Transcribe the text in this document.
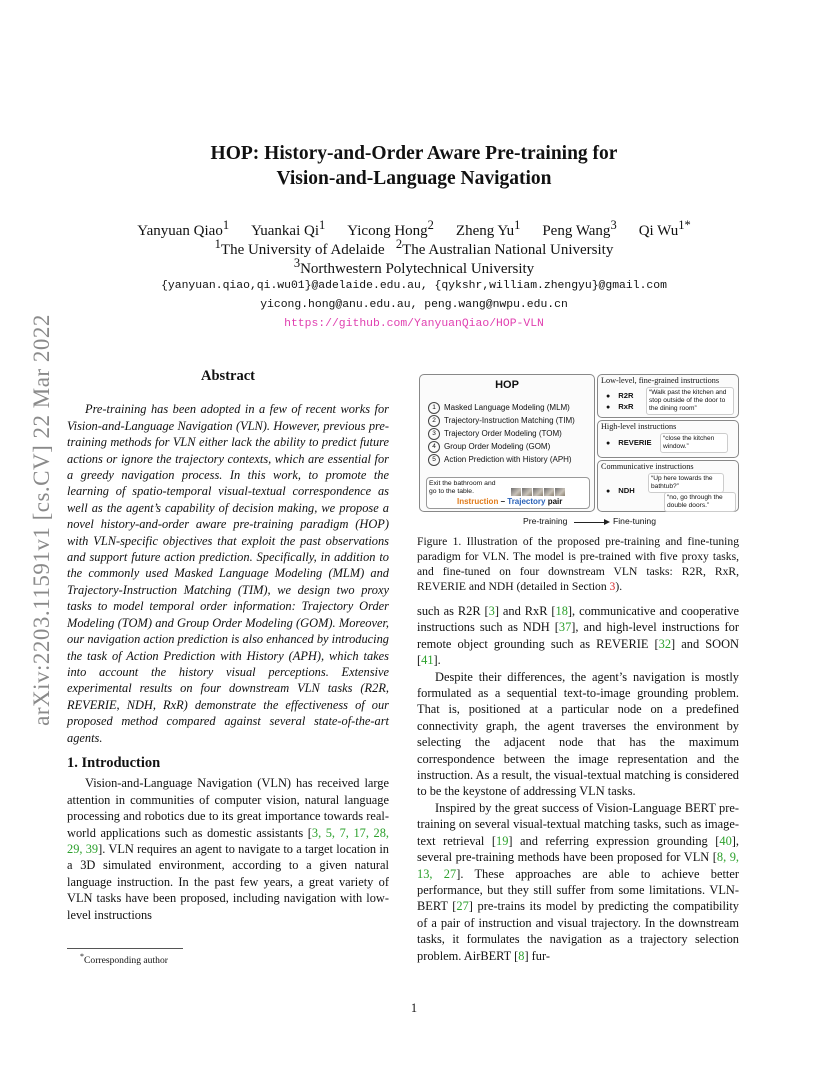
arXiv:2203.11591v1 [cs.CV] 22 Mar 2022
HOP: History-and-Order Aware Pre-training for
Vision-and-Language Navigation
Yanyuan Qiao$^1$ Yuankai Qi$^1$ Yicong Hong$^2$ Zheng Yu$^1$ Peng Wang$^3$ Qi $Wu^{1*}$
$^1$The University of Adelaide $^2$The Australian National University
$^3$Northwestern Polytechnical University
{yanyuan.qiao,qi.wu01}@adelaide.edu.au, {qykshr,william.zhengyu}@gmail.com
yicong.hong@anu.edu.au, peng.wang@nwpu.edu.cn
https://github.com/YanyuanQiao/HOP-VLN
Abstract

Pre-training has been adopted in a few of recent works for Vision-and-Language Navigation (VLN). However, previous pre-training methods for VLN either lack the ability to predict future actions or ignore the trajectory contexts, which are essential for a greedy navigation process. In this work, to promote the learning of spatio-temporal visual-textual correspondence as well as the agent’s capability of decision making, we propose a novel history-and-order aware pre-training paradigm (HOP) with VLN-specific objectives that exploit the past observations and support future action prediction. Specifically, in addition to the commonly used Masked Language Modeling (MLM) and Trajectory-Instruction Matching (TIM), we design two proxy tasks to model temporal order information: Trajectory Order Modeling (TOM) and Group Order Modeling (GOM). Moreover, our navigation action prediction is also enhanced by introducing the task of Action Prediction with History (APH), which takes into account the history visual perceptions. Extensive experimental results on four downstream VLN tasks (R2R, REVERIE, NDH, RxR) demonstrate the effectiveness of our proposed method compared against several state-of-the-art agents.

1. Introduction

Vision-and-Language Navigation (VLN) has received large attention in communities of computer vision, natural language processing and robotics due to its great importance towards real-world applications such as domestic assistants [3, 5, 7, 17, 28, 29, 39]. VLN requires an agent to navigate to a target location in a 3D simulated environment, according to a given natural language instruction. In the past few years, a great variety of VLN tasks have been proposed, including navigation with low-level instructions

*Corresponding author
HOP
1 Masked Language Modeling (MLM)
2 Trajectory-Instruction Matching (TIM)
3 Trajectory Order Modeling (TOM)
4 Group Order Modeling (GOM)
5 Action Prediction with History (APH)
Exit the bathroom and
go to the table.
Instruction – Trajectory pair
Low-level, fine-grained instructions
● R2R
● RxR
“Walk past the kitchen and stop outside of the door to the dining room”
High-level instructions
● REVERIE	“close the kitchen window.”
Communicative instructions
● NDH
“Up here towards the bathtub?”
“no, go through the double doors.”
Pre-training	Fine-tuning
Figure 1. Illustration of the proposed pre-training and fine-tuning paradigm for VLN. The model is pre-trained with five proxy tasks, and fine-tuned on four downstream VLN tasks: R2R, RxR, REVERIE and NDH (detailed in Section 3).

such as R2R [3] and RxR [18], communicative and cooperative instructions such as NDH [37], and high-level instructions for remote object grounding such as REVERIE [32] and SOON [41].

Despite their differences, the agent’s navigation is mostly formulated as a sequential text-to-image grounding problem. That is, positioned at a particular node on a predefined connectivity graph, the agent traverses the environment by selecting the adjacent node that has the maximum correspondence between the image representation and the instruction. As a result, the visual-textual matching is considered to be the keystone of addressing VLN tasks.

Inspired by the great success of Vision-Language BERT pre-training on several visual-textual matching tasks, such as image-text retrieval [19] and referring expression grounding [40], several pre-training methods have been proposed for VLN [8, 9, 13, 27]. These approaches are able to achieve better performance, but they still suffer from some limitations. VLN-BERT [27] pre-trains its model by predicting the compatibility of a pair of instruction and visual trajectory. In the downstream tasks, it formulates the navigation as a trajectory selection problem. AirBERT [8] fur-

1
